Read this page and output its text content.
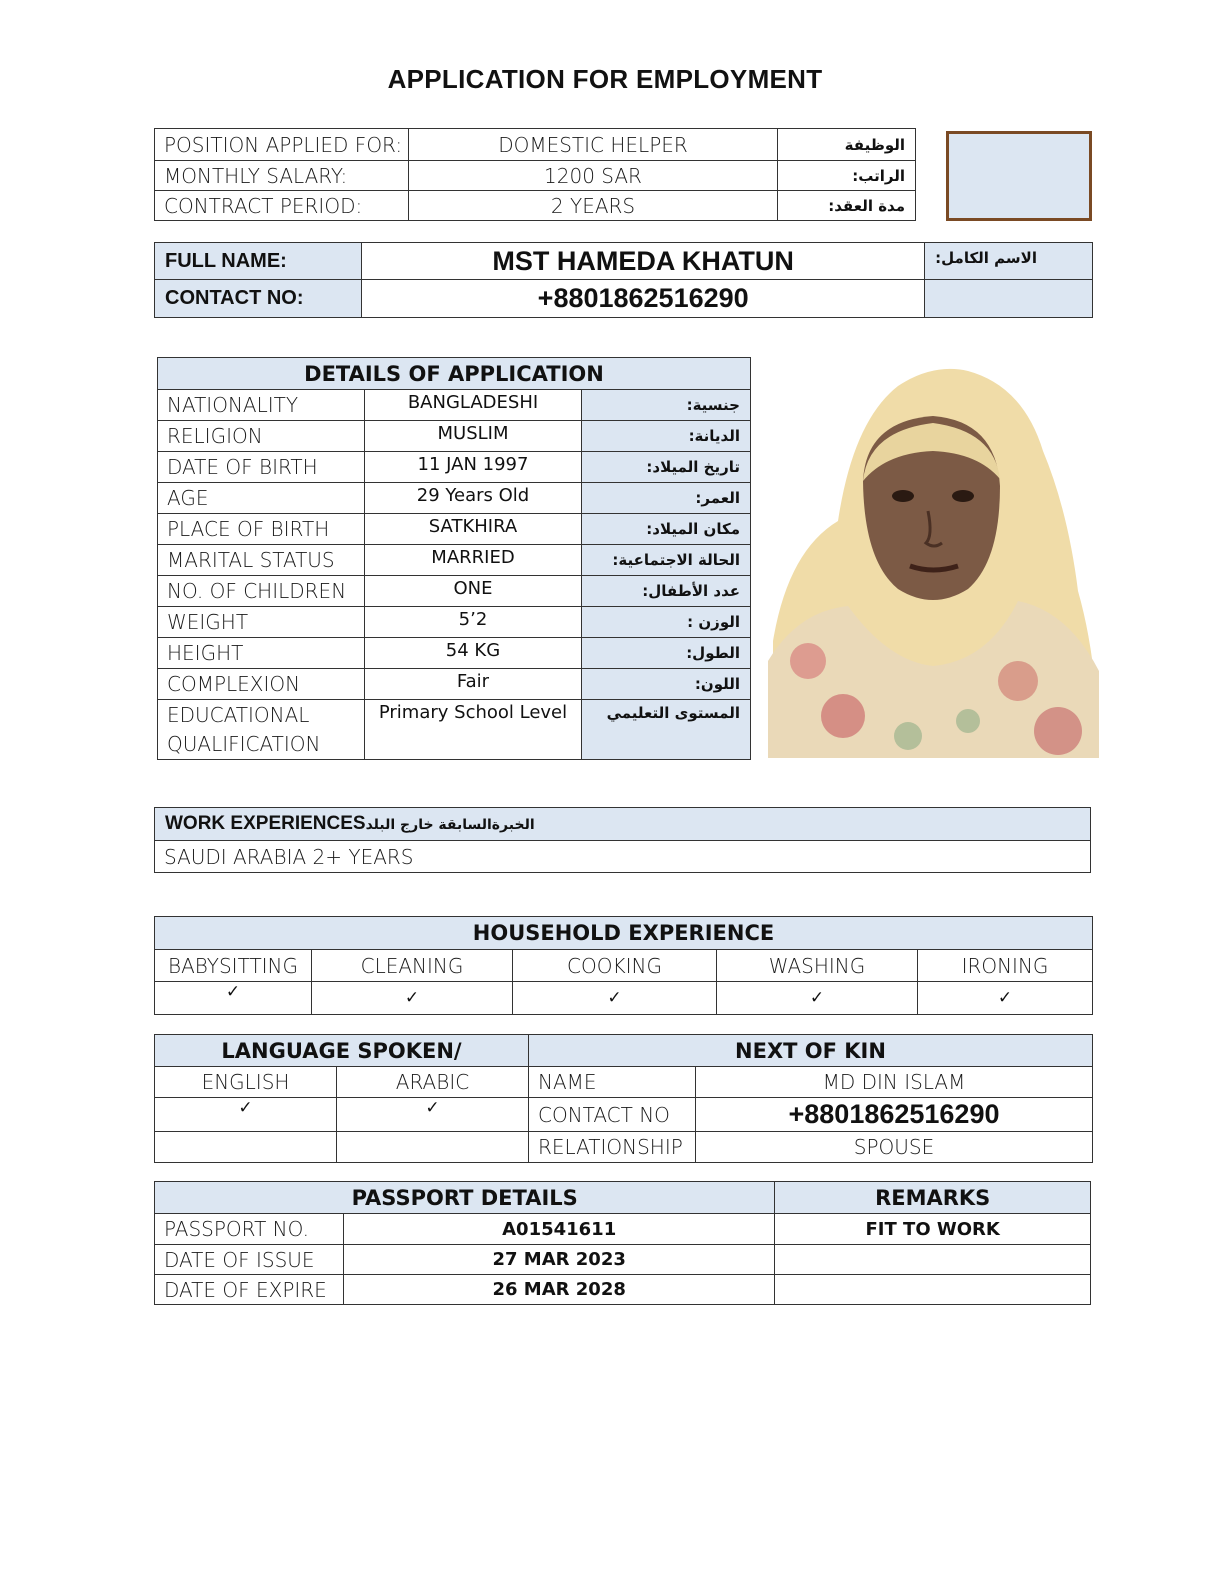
APPLICATION FOR EMPLOYMENT
POSITION APPLIED FOR:	DOMESTIC HELPER	الوظيفة
MONTHLY SALARY:	1200 SAR	الراتب:
CONTRACT PERIOD:	2 YEARS	مدة العقد:
FULL NAME:	MST HAMEDA KHATUN	الاسم الكامل:
CONTACT NO:	+8801862516290	
DETAILS OF APPLICATION		
NATIONALITY	BANGLADESHI	جنسية:
RELIGION	MUSLIM	الديانة:
DATE OF BIRTH	11 JAN 1997	تاريخ الميلاد:
AGE	29 Years Old	العمر:
PLACE OF BIRTH	SATKHIRA	مكان الميلاد:
MARITAL STATUS	MARRIED	الحالة الاجتماعية:
NO. OF CHILDREN	ONE	عدد الأطفال:
WEIGHT	5’2	الوزن :
HEIGHT	54 KG	الطول:
COMPLEXION	Fair	اللون:

EDUCATIONAL
QUALIFICATION	Primary School Level	المستوى التعليمي
WORK EXPERIENCESالخبرةالسابقة خارج البلد
SAUDI ARABIA 2+ YEARS
HOUSEHOLD EXPERIENCE				
BABYSITTING	CLEANING	COOKING	WASHING	IRONING
✓	✓	✓	✓	✓
LANGUAGE SPOKEN/		NEXT OF KIN	
ENGLISH	ARABIC	NAME	MD DIN ISLAM
✓	✓	CONTACT NO	+8801862516290
		RELATIONSHIP	SPOUSE
PASSPORT DETAILS		REMARKS
PASSPORT NO.	A01541611	FIT TO WORK
DATE OF ISSUE	27 MAR 2023	
DATE OF EXPIRE	26 MAR 2028	
